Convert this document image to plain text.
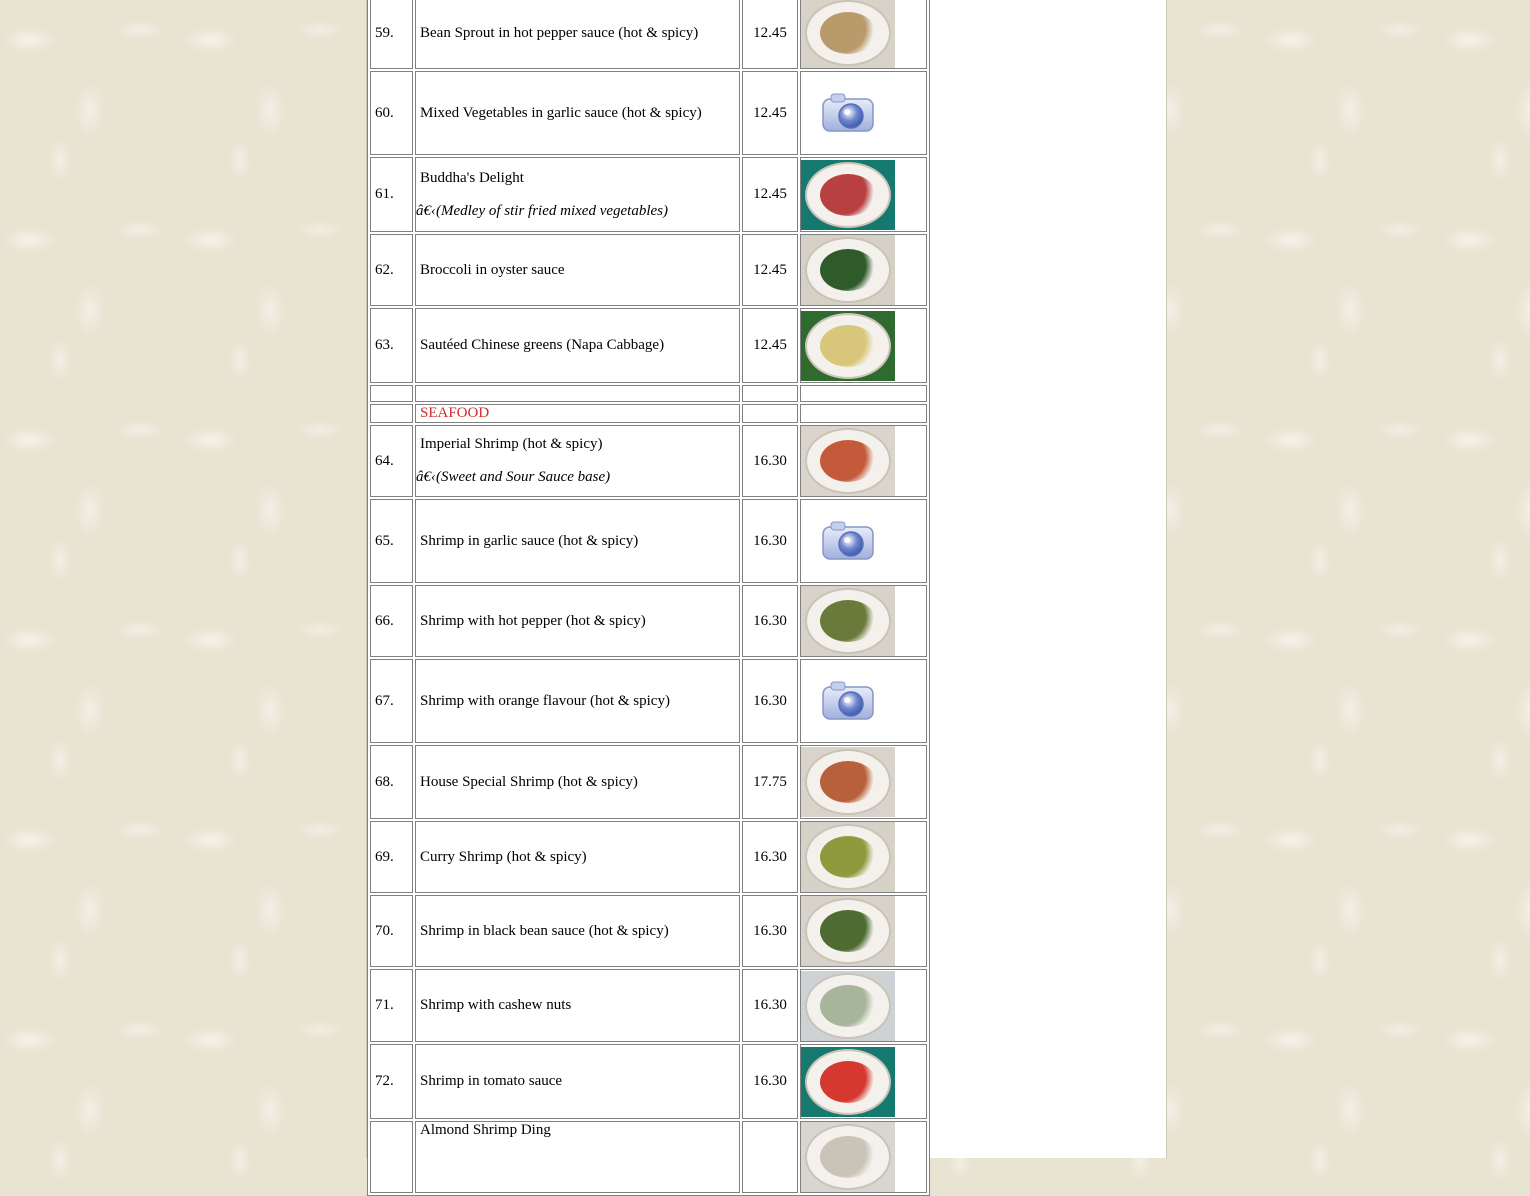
59.	Bean Sprout in hot pepper sauce (hot & spicy)	12.45	

60.	Mixed Vegetables in garlic sauce (hot & spicy)	12.45	

61.	Buddha's Delight
â€‹(Medley of stir fried mixed vegetables)	12.45	

62.	Broccoli in oyster sauce	12.45	

63.	Sautéed Chinese greens (Napa Cabbage)	12.45	

	SEAFOOD		
64.	Imperial Shrimp (hot & spicy)
â€‹(Sweet and Sour Sauce base)	16.30	

65.	Shrimp in garlic sauce (hot & spicy)	16.30	

66.	Shrimp with hot pepper (hot & spicy)	16.30	

67.	Shrimp with orange flavour (hot & spicy)	16.30	

68.	House Special Shrimp (hot & spicy)	17.75	

69.	Curry Shrimp (hot & spicy)	16.30	

70.	Shrimp in black bean sauce (hot & spicy)	16.30	

71.	Shrimp with cashew nuts	16.30	

72.	Shrimp in tomato sauce	16.30	

	Almond Shrimp Ding		
